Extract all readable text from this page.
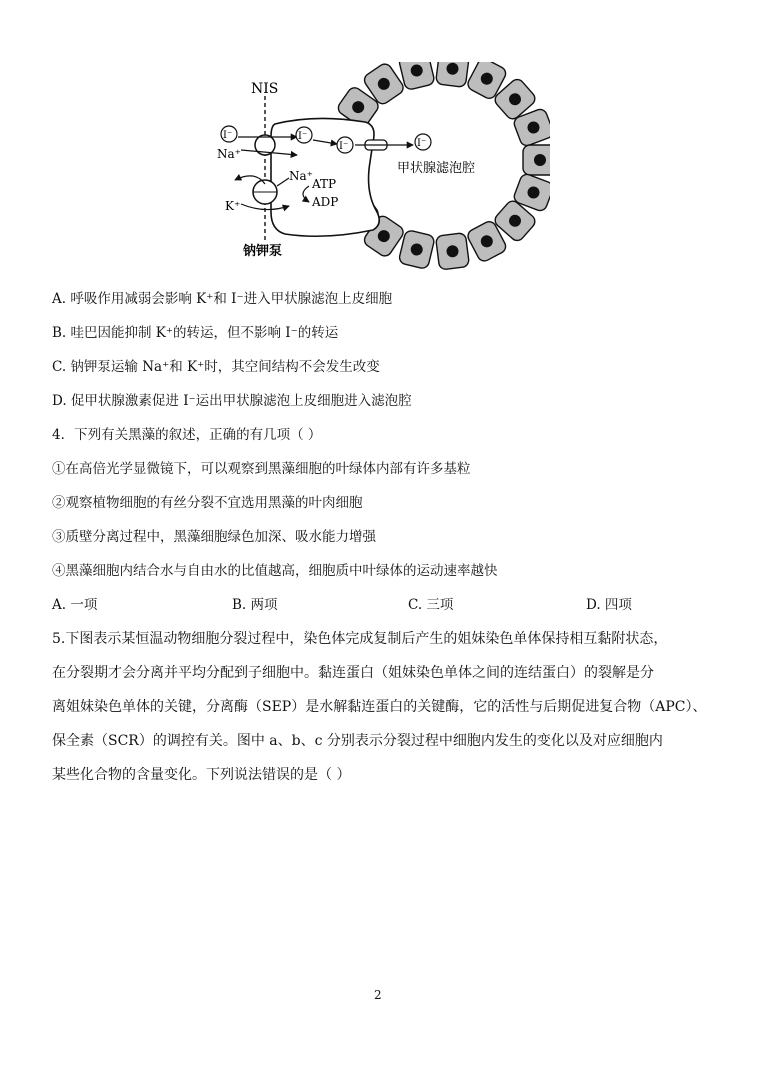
NIS
I⁻
Na⁺
I⁻
I⁻	I⁻
甲状腺滤泡腔
Na⁺
ATP
ADP
K⁺
钠钾泵
A. 呼吸作用减弱会影响 K⁺和 I⁻进入甲状腺滤泡上皮细胞
B. 哇巴因能抑制 K⁺的转运，但不影响 I⁻的转运
C. 钠钾泵运输 Na⁺和 K⁺时，其空间结构不会发生改变
D. 促甲状腺激素促进 I⁻运出甲状腺滤泡上皮细胞进入滤泡腔
4．下列有关黑藻的叙述，正确的有几项（ ）
①在高倍光学显微镜下，可以观察到黑藻细胞的叶绿体内部有许多基粒
②观察植物细胞的有丝分裂不宜选用黑藻的叶肉细胞
③质壁分离过程中，黑藻细胞绿色加深、吸水能力增强
④黑藻细胞内结合水与自由水的比值越高，细胞质中叶绿体的运动速率越快
A. 一项	B. 两项	C. 三项	D. 四项
5.下图表示某恒温动物细胞分裂过程中，染色体完成复制后产生的姐妹染色单体保持相互黏附状态，
在分裂期才会分离并平均分配到子细胞中。黏连蛋白（姐妹染色单体之间的连结蛋白）的裂解是分
离姐妹染色单体的关键，分离酶（SEP）是水解黏连蛋白的关键酶，它的活性与后期促进复合物（APC）、
保全素（SCR）的调控有关。图中 a、b、c 分别表示分裂过程中细胞内发生的变化以及对应细胞内
某些化合物的含量变化。下列说法错误的是（ ）
2
